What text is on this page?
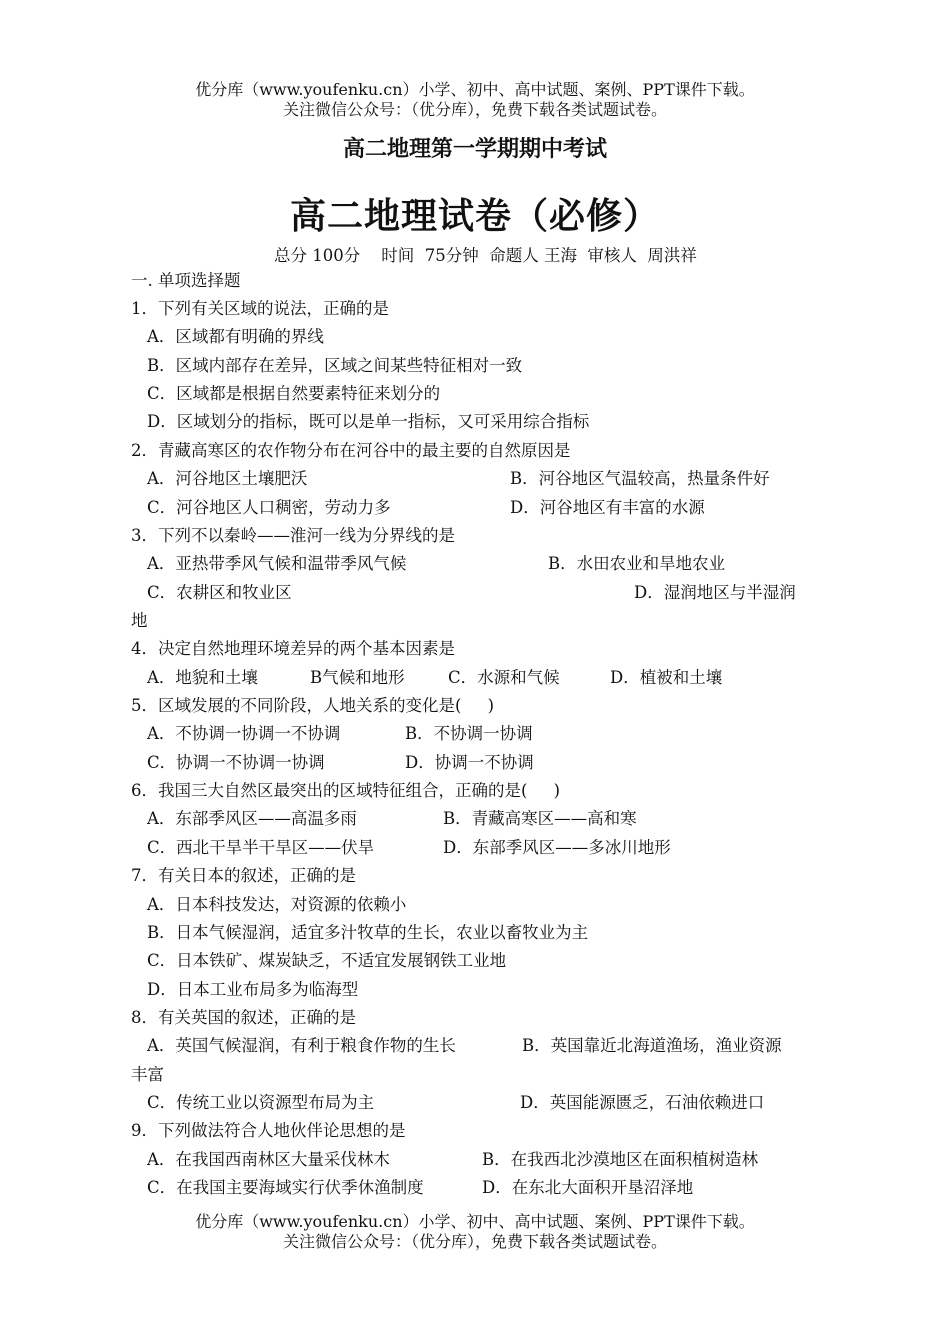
优分库（www.youfenku.cn）小学、初中、高中试题、案例、PPT课件下载。
关注微信公众号：（优分库），免费下载各类试题试卷。
高二地理第一学期期中考试
高二地理试卷（必修）
总分 100分    时间  75分钟  命题人 王海  审核人  周洪祥
一. 单项选择题
1．下列有关区域的说法，正确的是
A．区域都有明确的界线
B．区域内部存在差异，区域之间某些特征相对一致
C．区域都是根据自然要素特征来划分的
D．区域划分的指标，既可以是单一指标，又可采用综合指标
2．青藏高寒区的农作物分布在河谷中的最主要的自然原因是
A．河谷地区土壤肥沃	B．河谷地区气温较高，热量条件好
C．河谷地区人口稠密，劳动力多	D．河谷地区有丰富的水源
3．下列不以秦岭——淮河一线为分界线的是
A．亚热带季风气候和温带季风气候	B．水田农业和旱地农业
C．农耕区和牧业区	D．湿润地区与半湿润
地
4．决定自然地理环境差异的两个基本因素是
A．地貌和土壤	B气候和地形	C．水源和气候	D．植被和土壤
5．区域发展的不同阶段，人地关系的变化是(     )
A．不协调一协调一不协调	B．不协调一协调
C．协调一不协调一协调	D．协调一不协调
6．我国三大自然区最突出的区域特征组合，正确的是(     )
A．东部季风区——高温多雨	B．青藏高寒区——高和寒
C．西北干旱半干旱区——伏旱	D．东部季风区——多冰川地形
7．有关日本的叙述，正确的是
A．日本科技发达，对资源的依赖小
B．日本气候湿润，适宜多汁牧草的生长，农业以畜牧业为主
C．日本铁矿、煤炭缺乏，不适宜发展钢铁工业地
D．日本工业布局多为临海型
8．有关英国的叙述，正确的是
A．英国气候湿润，有利于粮食作物的生长	B．英国靠近北海道渔场，渔业资源
丰富
C．传统工业以资源型布局为主	D．英国能源匮乏，石油依赖进口
9．下列做法符合人地伙伴论思想的是
A．在我国西南林区大量采伐林木	B．在我西北沙漠地区在面积植树造林
C．在我国主要海域实行伏季休渔制度	D．在东北大面积开垦沼泽地
优分库（www.youfenku.cn）小学、初中、高中试题、案例、PPT课件下载。
关注微信公众号：（优分库），免费下载各类试题试卷。
